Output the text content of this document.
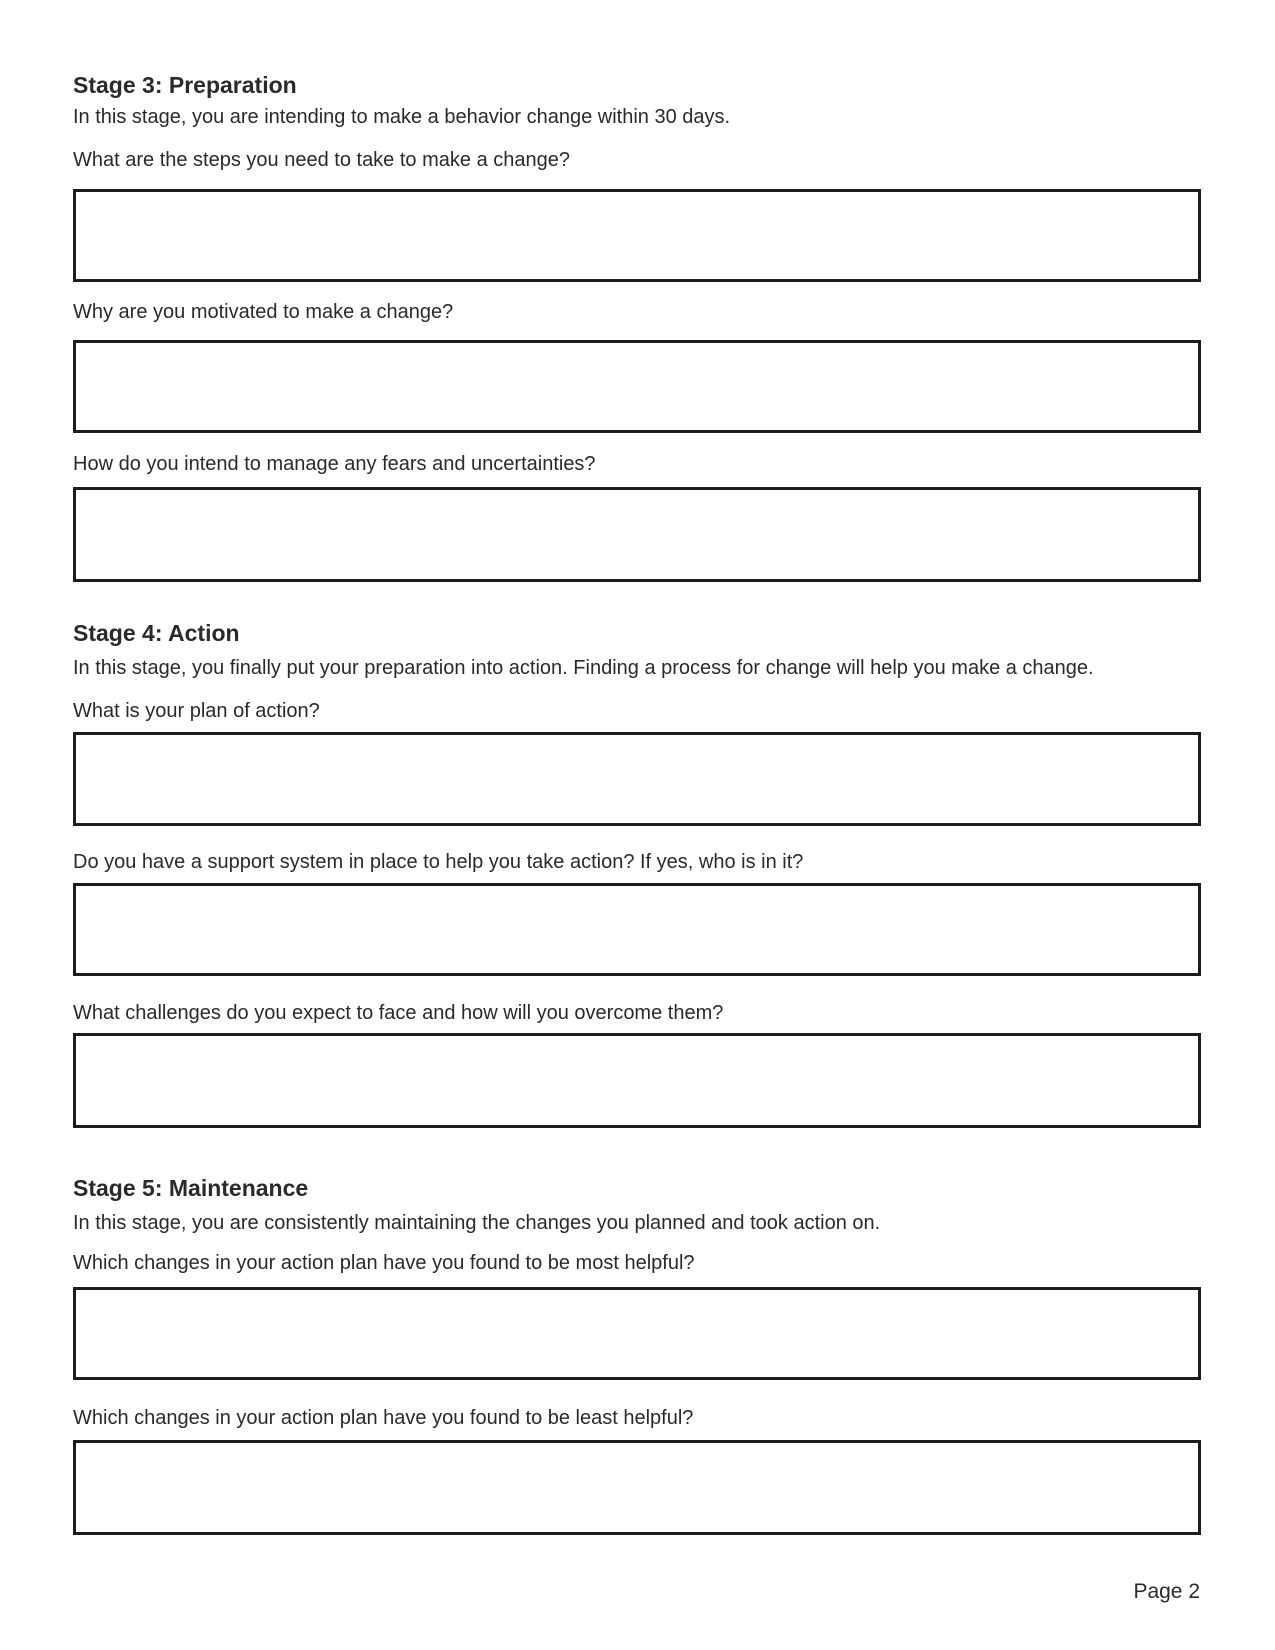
Stage 3: Preparation

In this stage, you are intending to make a behavior change within 30 days.

What are the steps you need to take to make a change?

Why are you motivated to make a change?

How do you intend to manage any fears and uncertainties?

Stage 4: Action

In this stage, you finally put your preparation into action. Finding a process for change will help you make a change.

What is your plan of action?

Do you have a support system in place to help you take action? If yes, who is in it?

What challenges do you expect to face and how will you overcome them?

Stage 5: Maintenance

In this stage, you are consistently maintaining the changes you planned and took action on.

Which changes in your action plan have you found to be most helpful?

Which changes in your action plan have you found to be least helpful?

Page 2
